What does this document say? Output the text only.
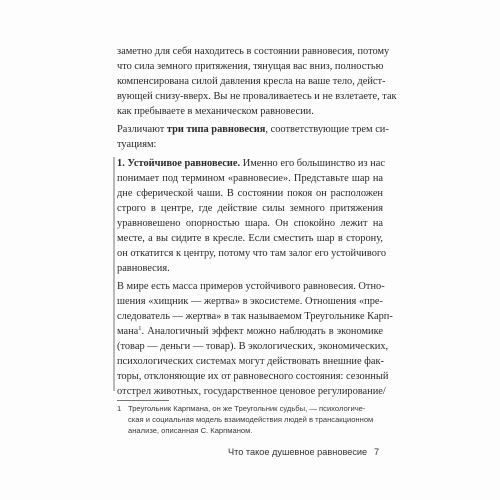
заметно для себя находитесь в состоянии равновесия, потому
что сила земного притяжения, тянущая вас вниз, полностью
компенсирована силой давления кресла на ваше тело, дейст-
вующей снизу-вверх. Вы не проваливаетесь и не взлетаете, так
как пребываете в механическом равновесии.
Различают три типа равновесия, соответствующие трем си-
туациям:
1. Устойчивое равновесие. Именно его большинство из нас
понимает под термином «равновесие». Представьте шар на
дне сферической чаши. В состоянии покоя он расположен
строго в центре, где действие силы земного притяжения
уравновешено опорностью шара. Он спокойно лежит на
месте, а вы сидите в кресле. Если сместить шар в сторону,
он откатится к центру, потому что там залог его устойчивого
равновесия.
В мире есть масса примеров устойчивого равновесия. Отно-
шения «хищник — жертва» в экосистеме. Отношения «пре-
следователь — жертва» в так называемом Треугольнике Карп-
мана$^1$. Аналогичный эффект можно наблюдать в экономике
(товар — деньги — товар). В экологических, экономических,
психологических системах могут действовать внешние фак-
торы, отклоняющие их от равновесного состояния: сезонный
отстрел животных, государственное ценовое регулирование/
1 Треугольник Карпмана, он же Треугольник судьбы, — психологиче-
ская и социальная модель взаимодействия людей в трансакционном
анализе, описанная С. Карпманом.
Что такое душевное равновесие 7
